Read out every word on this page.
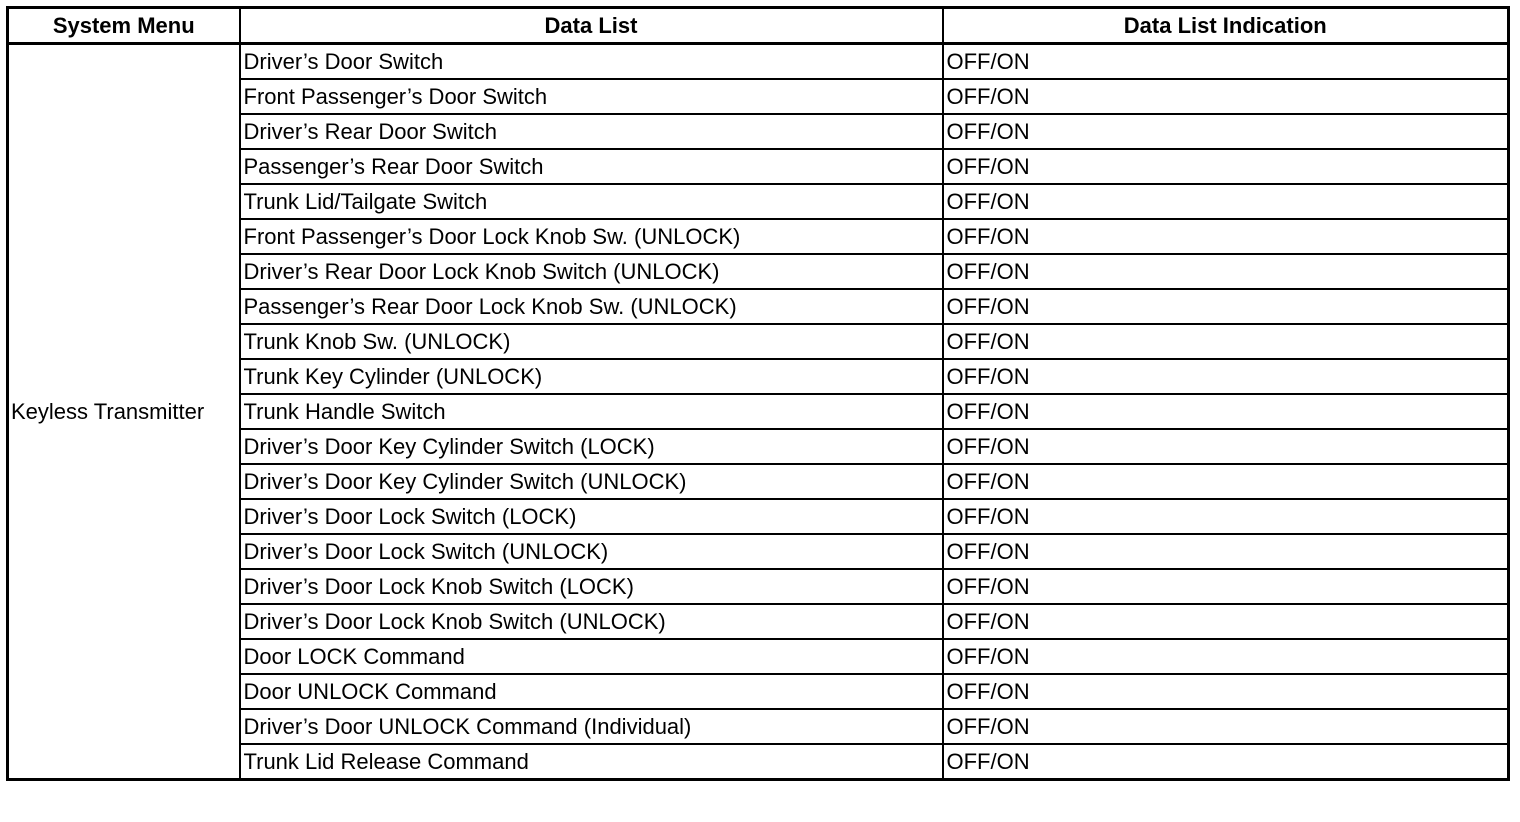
System Menu	Data List	Data List Indication
Keyless Transmitter	Driver’s Door Switch	OFF/ON
	Front Passenger’s Door Switch	OFF/ON
	Driver’s Rear Door Switch	OFF/ON
	Passenger’s Rear Door Switch	OFF/ON
	Trunk Lid/Tailgate Switch	OFF/ON
	Front Passenger’s Door Lock Knob Sw. (UNLOCK)	OFF/ON
	Driver’s Rear Door Lock Knob Switch (UNLOCK)	OFF/ON
	Passenger’s Rear Door Lock Knob Sw. (UNLOCK)	OFF/ON
	Trunk Knob Sw. (UNLOCK)	OFF/ON
	Trunk Key Cylinder (UNLOCK)	OFF/ON
	Trunk Handle Switch	OFF/ON
	Driver’s Door Key Cylinder Switch (LOCK)	OFF/ON
	Driver’s Door Key Cylinder Switch (UNLOCK)	OFF/ON
	Driver’s Door Lock Switch (LOCK)	OFF/ON
	Driver’s Door Lock Switch (UNLOCK)	OFF/ON
	Driver’s Door Lock Knob Switch (LOCK)	OFF/ON
	Driver’s Door Lock Knob Switch (UNLOCK)	OFF/ON
	Door LOCK Command	OFF/ON
	Door UNLOCK Command	OFF/ON
	Driver’s Door UNLOCK Command (Individual)	OFF/ON
	Trunk Lid Release Command	OFF/ON
